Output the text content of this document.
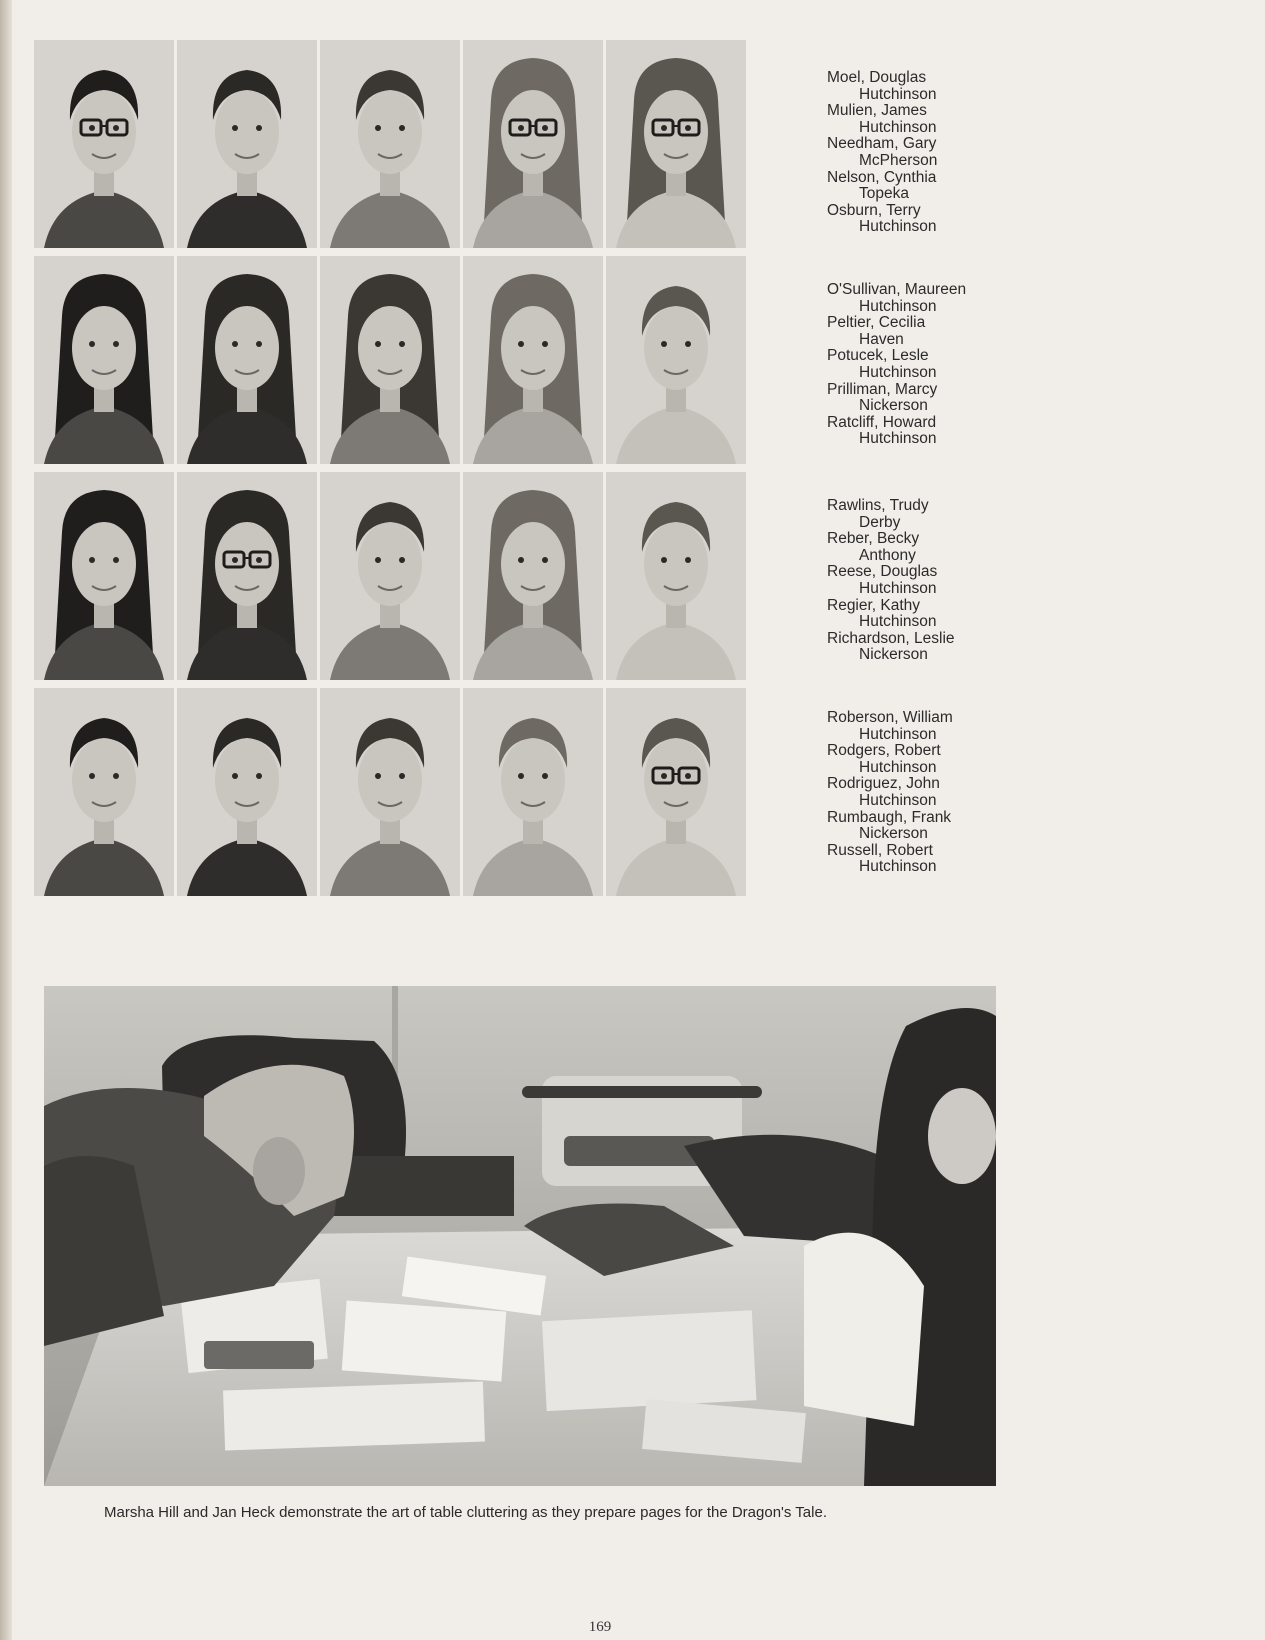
Moel, Douglas
Hutchinson
Mulien, James
Hutchinson
Needham, Gary
McPherson
Nelson, Cynthia
Topeka
Osburn, Terry
Hutchinson
O'Sullivan, Maureen
Hutchinson
Peltier, Cecilia
Haven
Potucek, Lesle
Hutchinson
Prilliman, Marcy
Nickerson
Ratcliff, Howard
Hutchinson
Rawlins, Trudy
Derby
Reber, Becky
Anthony
Reese, Douglas
Hutchinson
Regier, Kathy
Hutchinson
Richardson, Leslie
Nickerson
Roberson, William
Hutchinson
Rodgers, Robert
Hutchinson
Rodriguez, John
Hutchinson
Rumbaugh, Frank
Nickerson
Russell, Robert
Hutchinson
Marsha Hill and Jan Heck demonstrate the art of table cluttering as they prepare pages for the Dragon's Tale.
169
